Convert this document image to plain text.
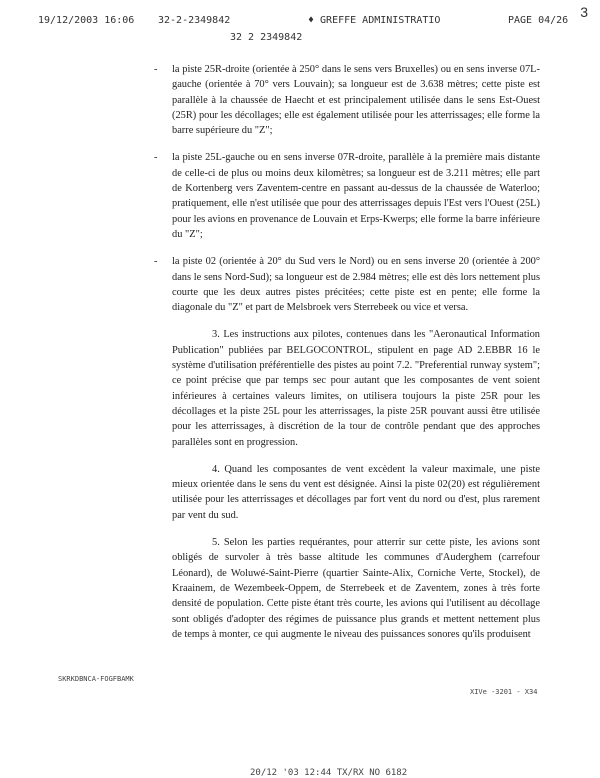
19/12/2003 16:06 32-2-2349842	♦ GREFFE ADMINISTRATIO	PAGE 04/26
3
32 2 2349842
- la piste 25R-droite (orientée à 250° dans le sens vers Bruxelles) ou en sens inverse 07L-gauche (orientée à 70° vers Louvain); sa longueur est de 3.638 mètres; cette piste est parallèle à la chaussée de Haecht et est principalement utilisée dans le sens Est-Ouest (25R) pour les décollages; elle est également utilisée pour les atterrissages; elle forme la barre supérieure du "Z";
- la piste 25L-gauche ou en sens inverse 07R-droite, parallèle à la première mais distante de celle-ci de plus ou moins deux kilomètres; sa longueur est de 3.211 mètres; elle part de Kortenberg vers Zaventem-centre en passant au-dessus de la chaussée de Waterloo; pratiquement, elle n'est utilisée que pour des atterrissages depuis l'Est vers l'Ouest (25L) pour les avions en provenance de Louvain et Erps-Kwerps; elle forme la barre inférieure du "Z";
- la piste 02 (orientée à 20° du Sud vers le Nord) ou en sens inverse 20 (orientée à 200° dans le sens Nord-Sud); sa longueur est de 2.984 mètres; elle est dès lors nettement plus courte que les deux autres pistes précitées; cette piste est en pente; elle forme la diagonale du "Z" et part de Melsbroek vers Sterrebeek ou vice et versa.
3. Les instructions aux pilotes, contenues dans les "Aeronautical Information Publication" publiées par BELGOCONTROL, stipulent en page AD 2.EBBR 16 le système d'utilisation préférentielle des pistes au point 7.2. "Preferential runway system"; ce point précise que par temps sec pour autant que les composantes de vent soient inférieures à certaines valeurs limites, on utilisera toujours la piste 25R pour les décollages et la piste 25L pour les atterrissages, la piste 25R pouvant aussi être utilisée pour les atterrissages, à discrétion de la tour de contrôle pendant que des approches parallèles sont en progression.
4. Quand les composantes de vent excèdent la valeur maximale, une piste mieux orientée dans le sens du vent est désignée. Ainsi la piste 02(20) est régulièrement utilisée pour les atterrissages et décollages par fort vent du nord ou d'est, plus rarement par vent du sud.
5. Selon les parties requérantes, pour atterrir sur cette piste, les avions sont obligés de survoler à très basse altitude les communes d'Auderghem (carrefour Léonard), de Woluwé-Saint-Pierre (quartier Sainte-Alix, Corniche Verte, Stockel), de Kraainem, de Wezembeek-Oppem, de Sterrebeek et de Zaventem, zones à très forte densité de population. Cette piste étant très courte, les avions qui l'utilisent au décollage sont obligés d'adopter des régimes de puissance plus grands et mettent nettement plus de temps à monter, ce qui augmente le niveau des puissances sonores qu'ils produisent
SKRKDBNCA-FOGFBAMK
XIVe -3201 - X34
20/12 '03 12:44 TX/RX NO 6182
